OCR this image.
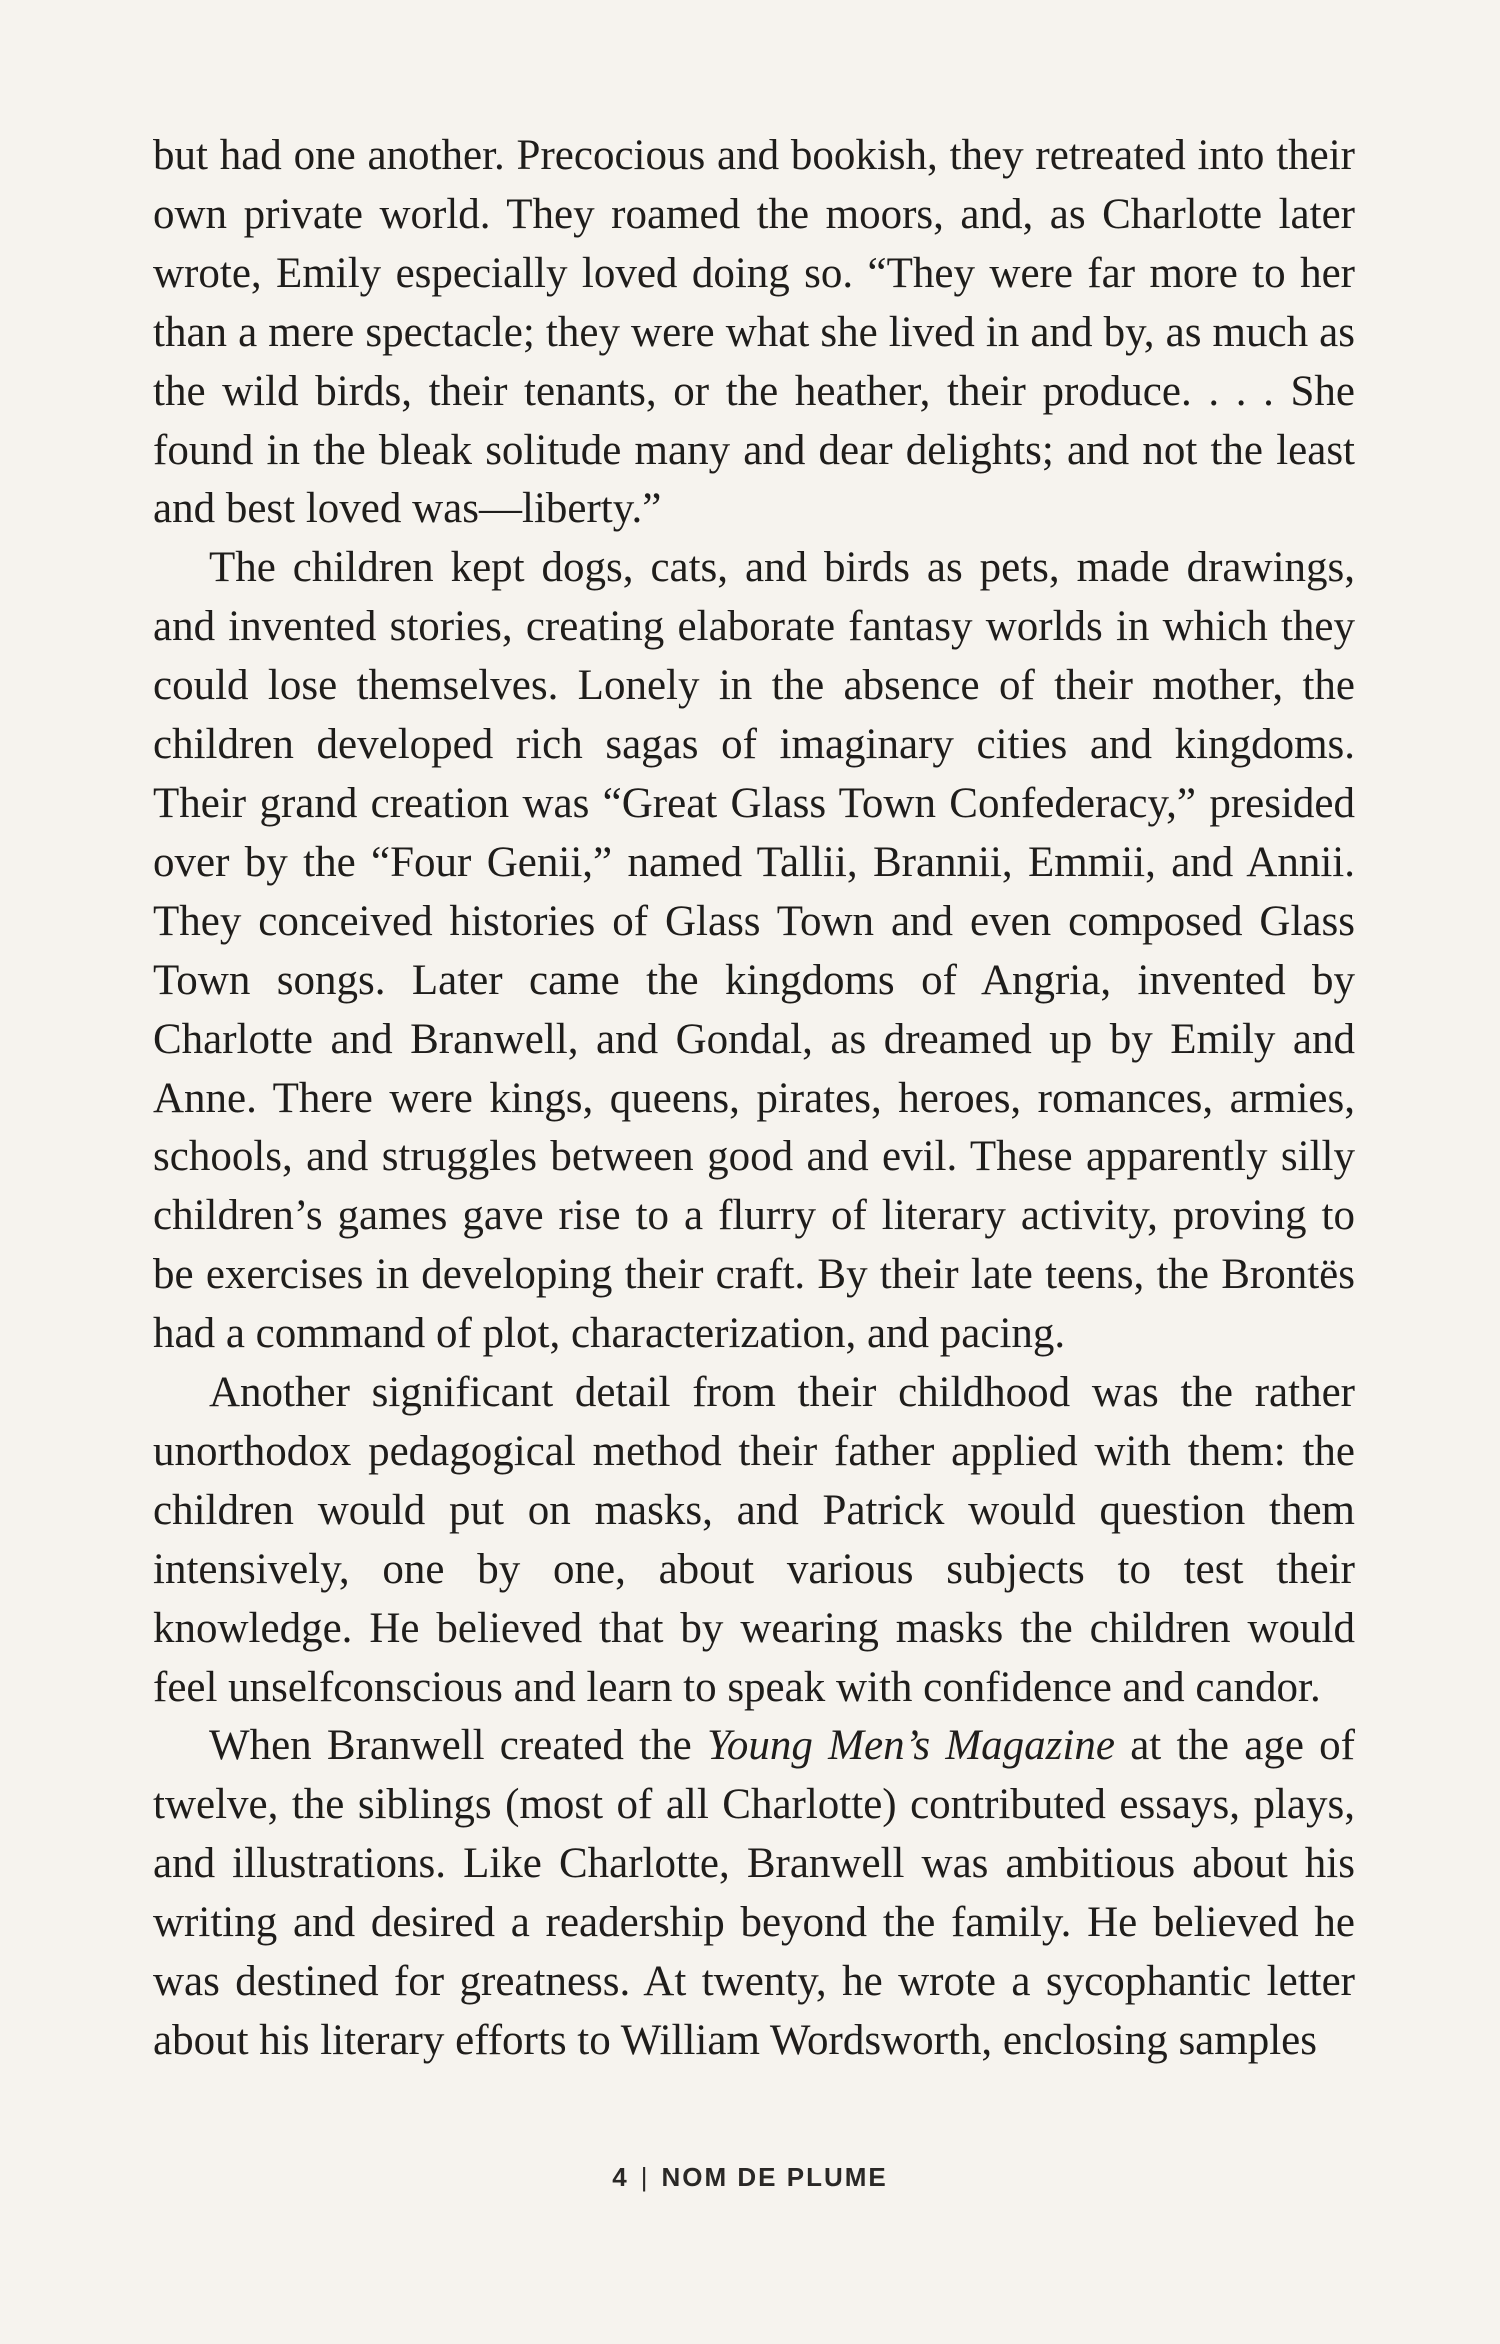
but had one another. Precocious and bookish, they retreated into their own private world. They roamed the moors, and, as Charlotte later wrote, Emily especially loved doing so. “They were far more to her than a mere spectacle; they were what she lived in and by, as much as the wild birds, their tenants, or the heather, their produce. . . . She found in the bleak solitude many and dear delights; and not the least and best loved was—liberty.”

The children kept dogs, cats, and birds as pets, made drawings, and invented stories, creating elaborate fantasy worlds in which they could lose themselves. Lonely in the absence of their mother, the children developed rich sagas of imaginary cities and kingdoms. Their grand creation was “Great Glass Town Confederacy,” presided over by the “Four Genii,” named Tallii, Brannii, Emmii, and Annii. They conceived histories of Glass Town and even composed Glass Town songs. Later came the kingdoms of Angria, invented by Charlotte and Branwell, and Gondal, as dreamed up by Emily and Anne. There were kings, queens, pirates, heroes, romances, armies, schools, and struggles between good and evil. These apparently silly children’s games gave rise to a flurry of literary activity, proving to be exercises in developing their craft. By their late teens, the Brontës had a command of plot, characterization, and pacing.

Another significant detail from their childhood was the rather unorthodox pedagogical method their father applied with them: the children would put on masks, and Patrick would question them intensively, one by one, about various subjects to test their knowledge. He believed that by wearing masks the children would feel unselfconscious and learn to speak with confidence and candor.

When Branwell created the Young Men’s Magazine at the age of twelve, the siblings (most of all Charlotte) contributed essays, plays, and illustrations. Like Charlotte, Branwell was ambitious about his writing and desired a readership beyond the family. He believed he was destined for greatness. At twenty, he wrote a sycophantic letter about his literary efforts to William Wordsworth, enclosing samples

4 | NOM DE PLUME
